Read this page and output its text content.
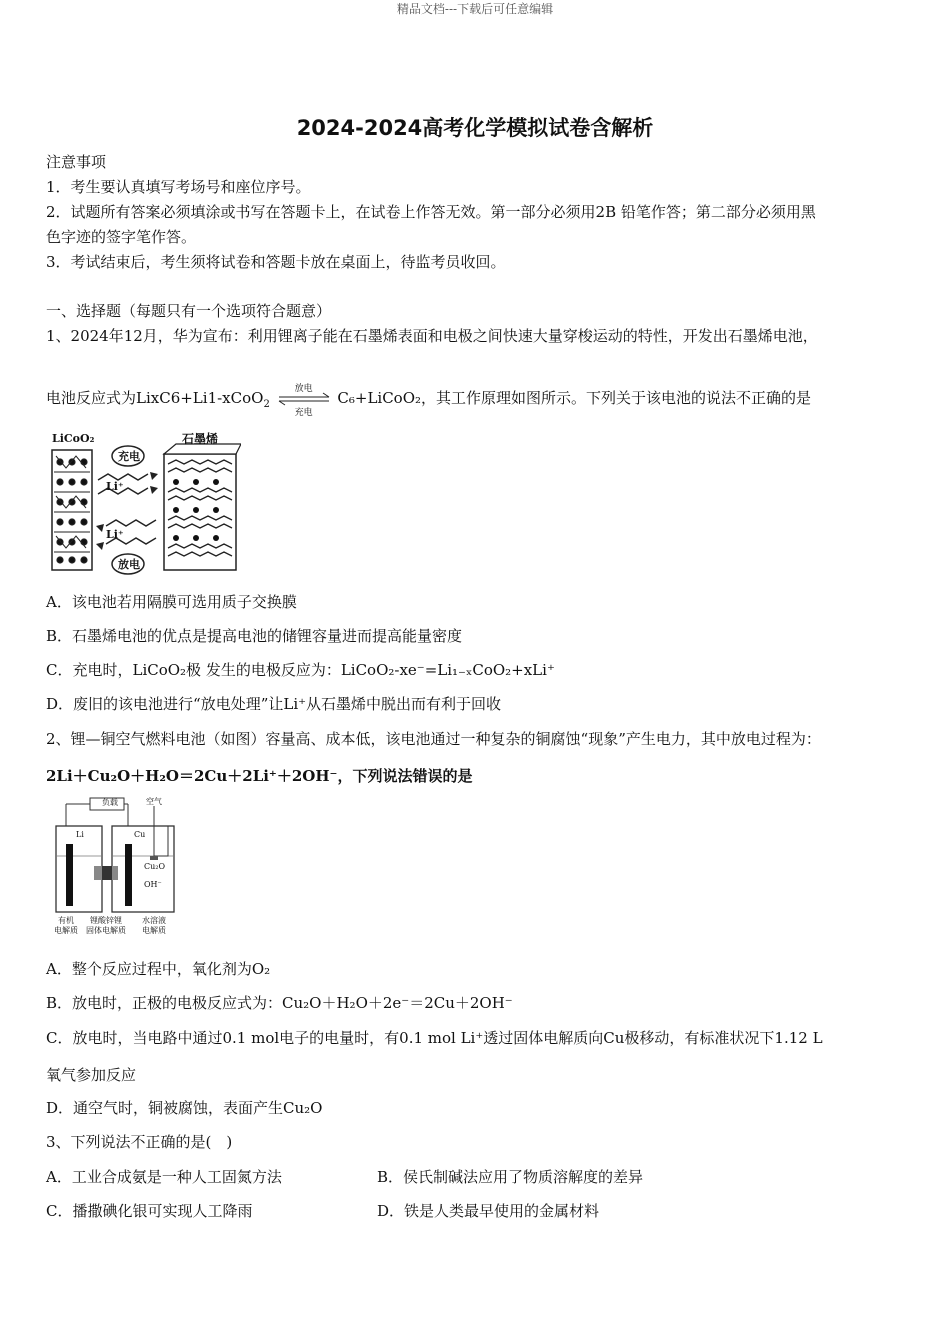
精品文档---下载后可任意编辑
2024-2024高考化学模拟试卷含解析
注意事项
1．考生要认真填写考场号和座位序号。
2．试题所有答案必须填涂或书写在答题卡上，在试卷上作答无效。第一部分必须用2B 铅笔作答；第二部分必须用黑
色字迹的签字笔作答。
3．考试结束后，考生须将试卷和答题卡放在桌面上，待监考员收回。
一、选择题（每题只有一个选项符合题意）
1、2024年12月，华为宣布：利用锂离子能在石墨烯表面和电极之间快速大量穿梭运动的特性，开发出石墨烯电池，
电池反应式为LixC6+Li1-xCoO$_2$
放电
充电
C₆+LiCoO₂，其工作原理如图所示。下列关于该电池的说法不正确的是
LiCoO₂	石墨烯
充电
Li⁺
Li⁺
放电
A．该电池若用隔膜可选用质子交换膜
B．石墨烯电池的优点是提高电池的储锂容量进而提高能量密度
C．充电时，LiCoO₂极 发生的电极反应为：LiCoO₂-xe⁻=Li₁₋ₓCoO₂+xLi⁺
D．废旧的该电池进行“放电处理”让Li⁺从石墨烯中脱出而有利于回收
2、锂—铜空气燃料电池（如图）容量高、成本低，该电池通过一种复杂的铜腐蚀“现象”产生电力，其中放电过程为：
2Li＋Cu₂O＋H₂O＝2Cu＋2Li⁺＋2OH⁻，下列说法错误的是
负载	空气
Li	Cu
Cu₂O
OH⁻
有机
电解质
锂酸锌锂
固体电解质
水溶液
电解质
A．整个反应过程中，氧化剂为O₂
B．放电时，正极的电极反应式为：Cu₂O＋H₂O＋2e⁻＝2Cu＋2OH⁻
C．放电时，当电路中通过0.1 mol电子的电量时，有0.1 mol Li⁺透过固体电解质向Cu极移动，有标准状况下1.12 L
氧气参加反应
D．通空气时，铜被腐蚀，表面产生Cu₂O
3、下列说法不正确的是(　)
A．工业合成氨是一种人工固氮方法	B．侯氏制碱法应用了物质溶解度的差异
C．播撒碘化银可实现人工降雨	D．铁是人类最早使用的金属材料
